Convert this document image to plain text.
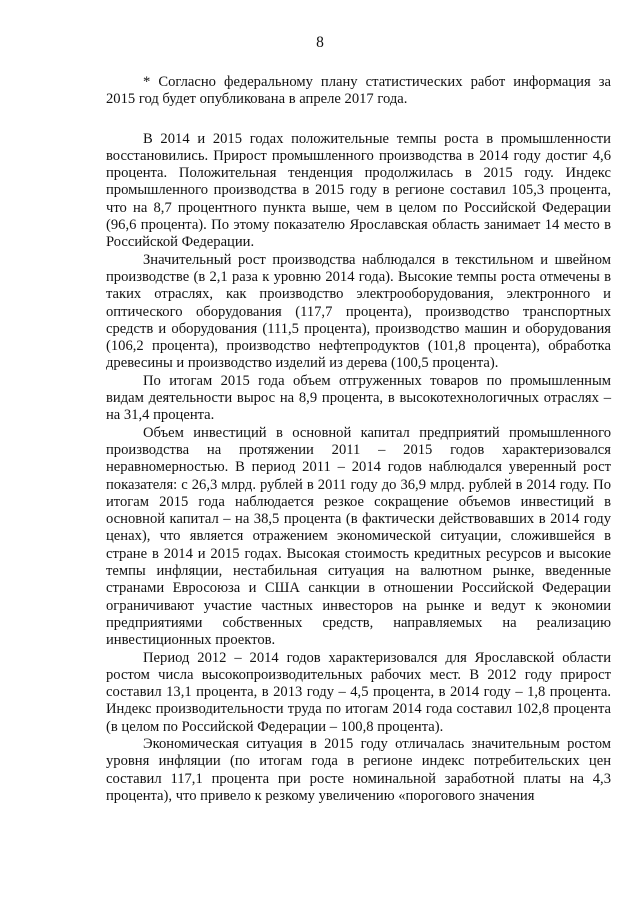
8

* Согласно федеральному плану статистических работ информация за 2015 год будет опубликована в апреле 2017 года.

В 2014 и 2015 годах положительные темпы роста в промышленности восстановились. Прирост промышленного производства в 2014 году достиг 4,6 процента. Положительная тенденция продолжилась в 2015 году. Индекс промышленного производства в 2015 году в регионе составил 105,3 процента, что на 8,7 процентного пункта выше, чем в целом по Российской Федерации (96,6 процента). По этому показателю Ярославская область занимает 14 место в Российской Федерации.

Значительный рост производства наблюдался в текстильном и швейном производстве (в 2,1 раза к уровню 2014 года). Высокие темпы роста отмечены в таких отраслях, как производство электрооборудования, электронного и оптического оборудования (117,7 процента), производство транспортных средств и оборудования (111,5 процента), производство машин и оборудования (106,2 процента), производство нефтепродуктов (101,8 процента), обработка древесины и производство изделий из дерева (100,5 процента).

По итогам 2015 года объем отгруженных товаров по промышленным видам деятельности вырос на 8,9 процента, в высокотехнологичных отраслях – на 31,4 процента.

Объем инвестиций в основной капитал предприятий промышленного производства на протяжении 2011 – 2015 годов характеризовался неравномерностью. В период 2011 – 2014 годов наблюдался уверенный рост показателя: с 26,3 млрд. рублей в 2011 году до 36,9 млрд. рублей в 2014 году. По итогам 2015 года наблюдается резкое сокращение объемов инвестиций в основной капитал – на 38,5 процента (в фактически действовавших в 2014 году ценах), что является отражением экономической ситуации, сложившейся в стране в 2014 и 2015 годах. Высокая стоимость кредитных ресурсов и высокие темпы инфляции, нестабильная ситуация на валютном рынке, введенные странами Евросоюза и США санкции в отношении Российской Федерации ограничивают участие частных инвесторов на рынке и ведут к экономии предприятиями собственных средств, направляемых на реализацию инвестиционных проектов.

Период 2012 – 2014 годов характеризовался для Ярославской области ростом числа высокопроизводительных рабочих мест. В 2012 году прирост составил 13,1 процента, в 2013 году – 4,5 процента, в 2014 году – 1,8 процента. Индекс производительности труда по итогам 2014 года составил 102,8 процента (в целом по Российской Федерации – 100,8 процента).

Экономическая ситуация в 2015 году отличалась значительным ростом уровня инфляции (по итогам года в регионе индекс потребительских цен составил 117,1 процента при росте номинальной заработной платы на 4,3 процента), что привело к резкому увеличению «порогового значения
